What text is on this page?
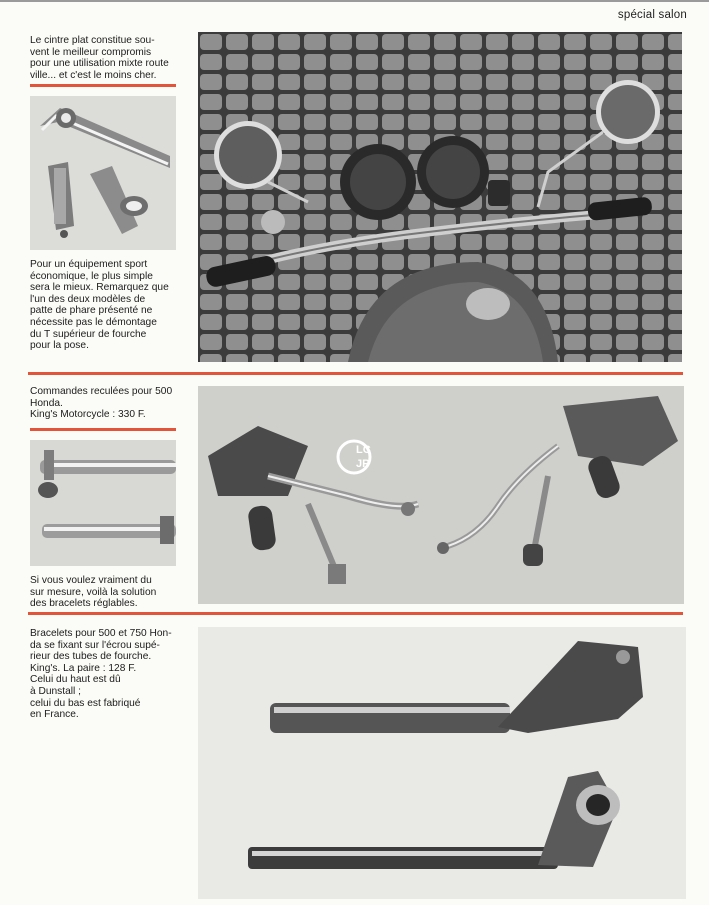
spécial salon
Le cintre plat constitue sou-
vent le meilleur compromis
pour une utilisation mixte route
ville... et c'est le moins cher.
Pour un équipement sport
économique, le plus simple
sera le mieux. Remarquez que
l'un des deux modèles de
patte de phare présenté ne
nécessite pas le démontage
du T supérieur de fourche
pour la pose.
Commandes reculées pour 500
Honda.
King's Motorcycle : 330 F.
Si vous voulez vraiment du
sur mesure, voilà la solution
des bracelets réglables.
LC
JP
Bracelets pour 500 et 750 Hon-
da se fixant sur l'écrou supé-
rieur des tubes de fourche.
King's. La paire : 128 F.
Celui du haut est dû
à Dunstall ;
celui du bas est fabriqué
en France.
